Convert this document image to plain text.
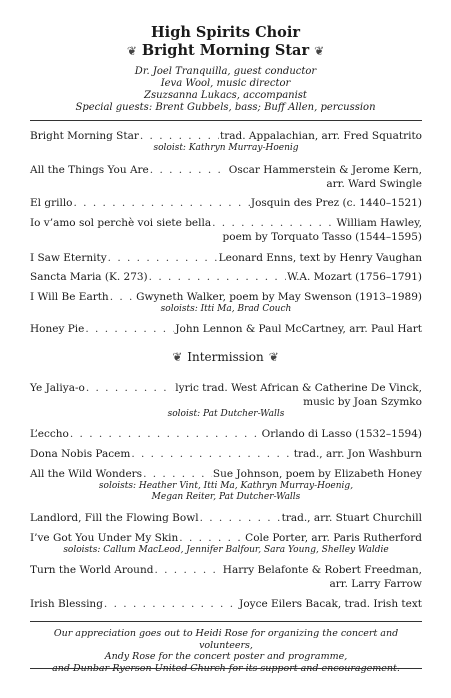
High Spirits Choir
❦ Bright Morning Star ❦
Dr. Joel Tranquilla, guest conductor
Ieva Wool, music director
Zsuzsanna Lukacs, accompanist
Special guests: Brent Gubbels, bass; Buff Allen, percussion
Bright Morning Star . . .	trad. Appalachian, arr. Fred Squatrito
soloist: Kathryn Murray-Hoenig
All the Things You Are . . .	Oscar Hammerstein & Jerome Kern,
arr. Ward Swingle
El grillo . . .	Josquin des Prez (c. 1440–1521)
Io v’amo sol perchè voi siete bella . . .	William Hawley,
poem by Torquato Tasso (1544–1595)
I Saw Eternity . . .	Leonard Enns, text by Henry Vaughan
Sancta Maria (K. 273) . . .	W.A. Mozart (1756–1791)
I Will Be Earth . . .	Gwyneth Walker, poem by May Swenson (1913–1989)
soloists: Itti Ma, Brad Couch
Honey Pie . . .	John Lennon & Paul McCartney, arr. Paul Hart
❦ Intermission ❦
Ye Jaliya-o . . .	lyric trad. West African & Catherine De Vinck,
music by Joan Szymko
soloist: Pat Dutcher-Walls
L’eccho . . .	Orlando di Lasso (1532–1594)
Dona Nobis Pacem . . .	trad., arr. Jon Washburn
All the Wild Wonders . . .	Sue Johnson, poem by Elizabeth Honey
soloists: Heather Vint, Itti Ma, Kathryn Murray-Hoenig,
Megan Reiter, Pat Dutcher-Walls
Landlord, Fill the Flowing Bowl . . .	trad., arr. Stuart Churchill
I’ve Got You Under My Skin . . .	Cole Porter, arr. Paris Rutherford
soloists: Callum MacLeod, Jennifer Balfour, Sara Young, Shelley Waldie
Turn the World Around . . .	Harry Belafonte & Robert Freedman,
arr. Larry Farrow
Irish Blessing . . .	Joyce Eilers Bacak, trad. Irish text
Our appreciation goes out to Heidi Rose for organizing the concert and volunteers,
Andy Rose for the concert poster and programme,
and Dunbar-Ryerson United Church for its support and encouragement.
